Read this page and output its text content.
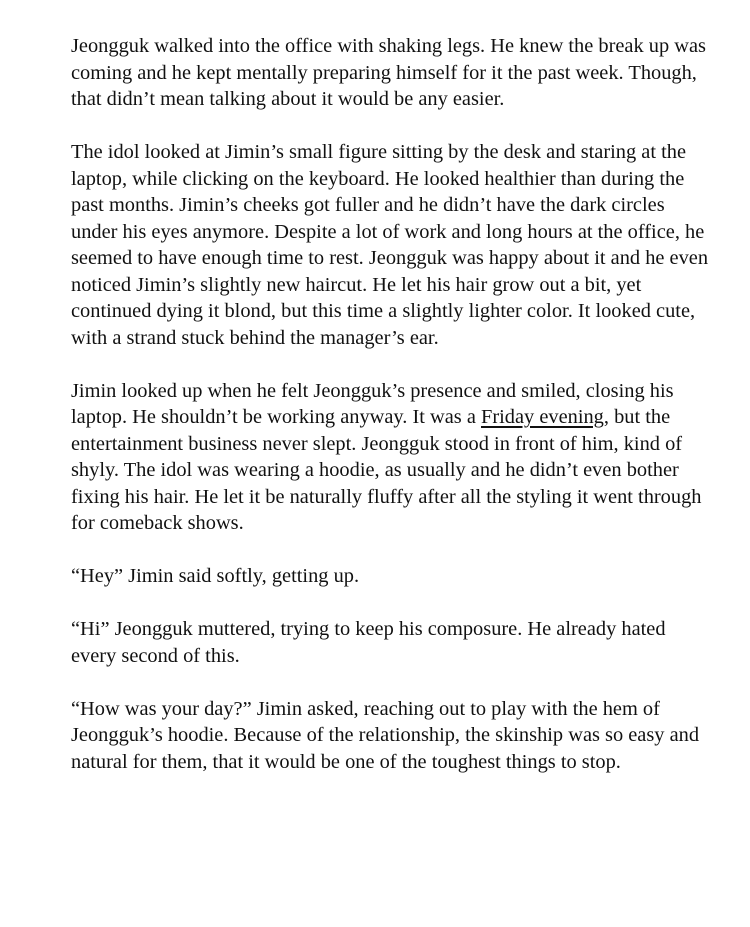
Jeongguk walked into the office with shaking legs. He knew the break up was coming and he kept mentally preparing himself for it the past week. Though, that didn’t mean talking about it would be any easier.

The idol looked at Jimin’s small figure sitting by the desk and staring at the laptop, while clicking on the keyboard. He looked healthier than during the past months. Jimin’s cheeks got fuller and he didn’t have the dark circles under his eyes anymore. Despite a lot of work and long hours at the office, he seemed to have enough time to rest. Jeongguk was happy about it and he even noticed Jimin’s slightly new haircut. He let his hair grow out a bit, yet continued dying it blond, but this time a slightly lighter color. It looked cute, with a strand stuck behind the manager’s ear.

Jimin looked up when he felt Jeongguk’s presence and smiled, closing his laptop. He shouldn’t be working anyway. It was a Friday evening, but the entertainment business never slept. Jeongguk stood in front of him, kind of shyly. The idol was wearing a hoodie, as usually and he didn’t even bother fixing his hair. He let it be naturally fluffy after all the styling it went through for comeback shows.

“Hey” Jimin said softly, getting up.

“Hi” Jeongguk muttered, trying to keep his composure. He already hated every second of this.

“How was your day?” Jimin asked, reaching out to play with the hem of Jeongguk’s hoodie. Because of the relationship, the skinship was so easy and natural for them, that it would be one of the toughest things to stop.
